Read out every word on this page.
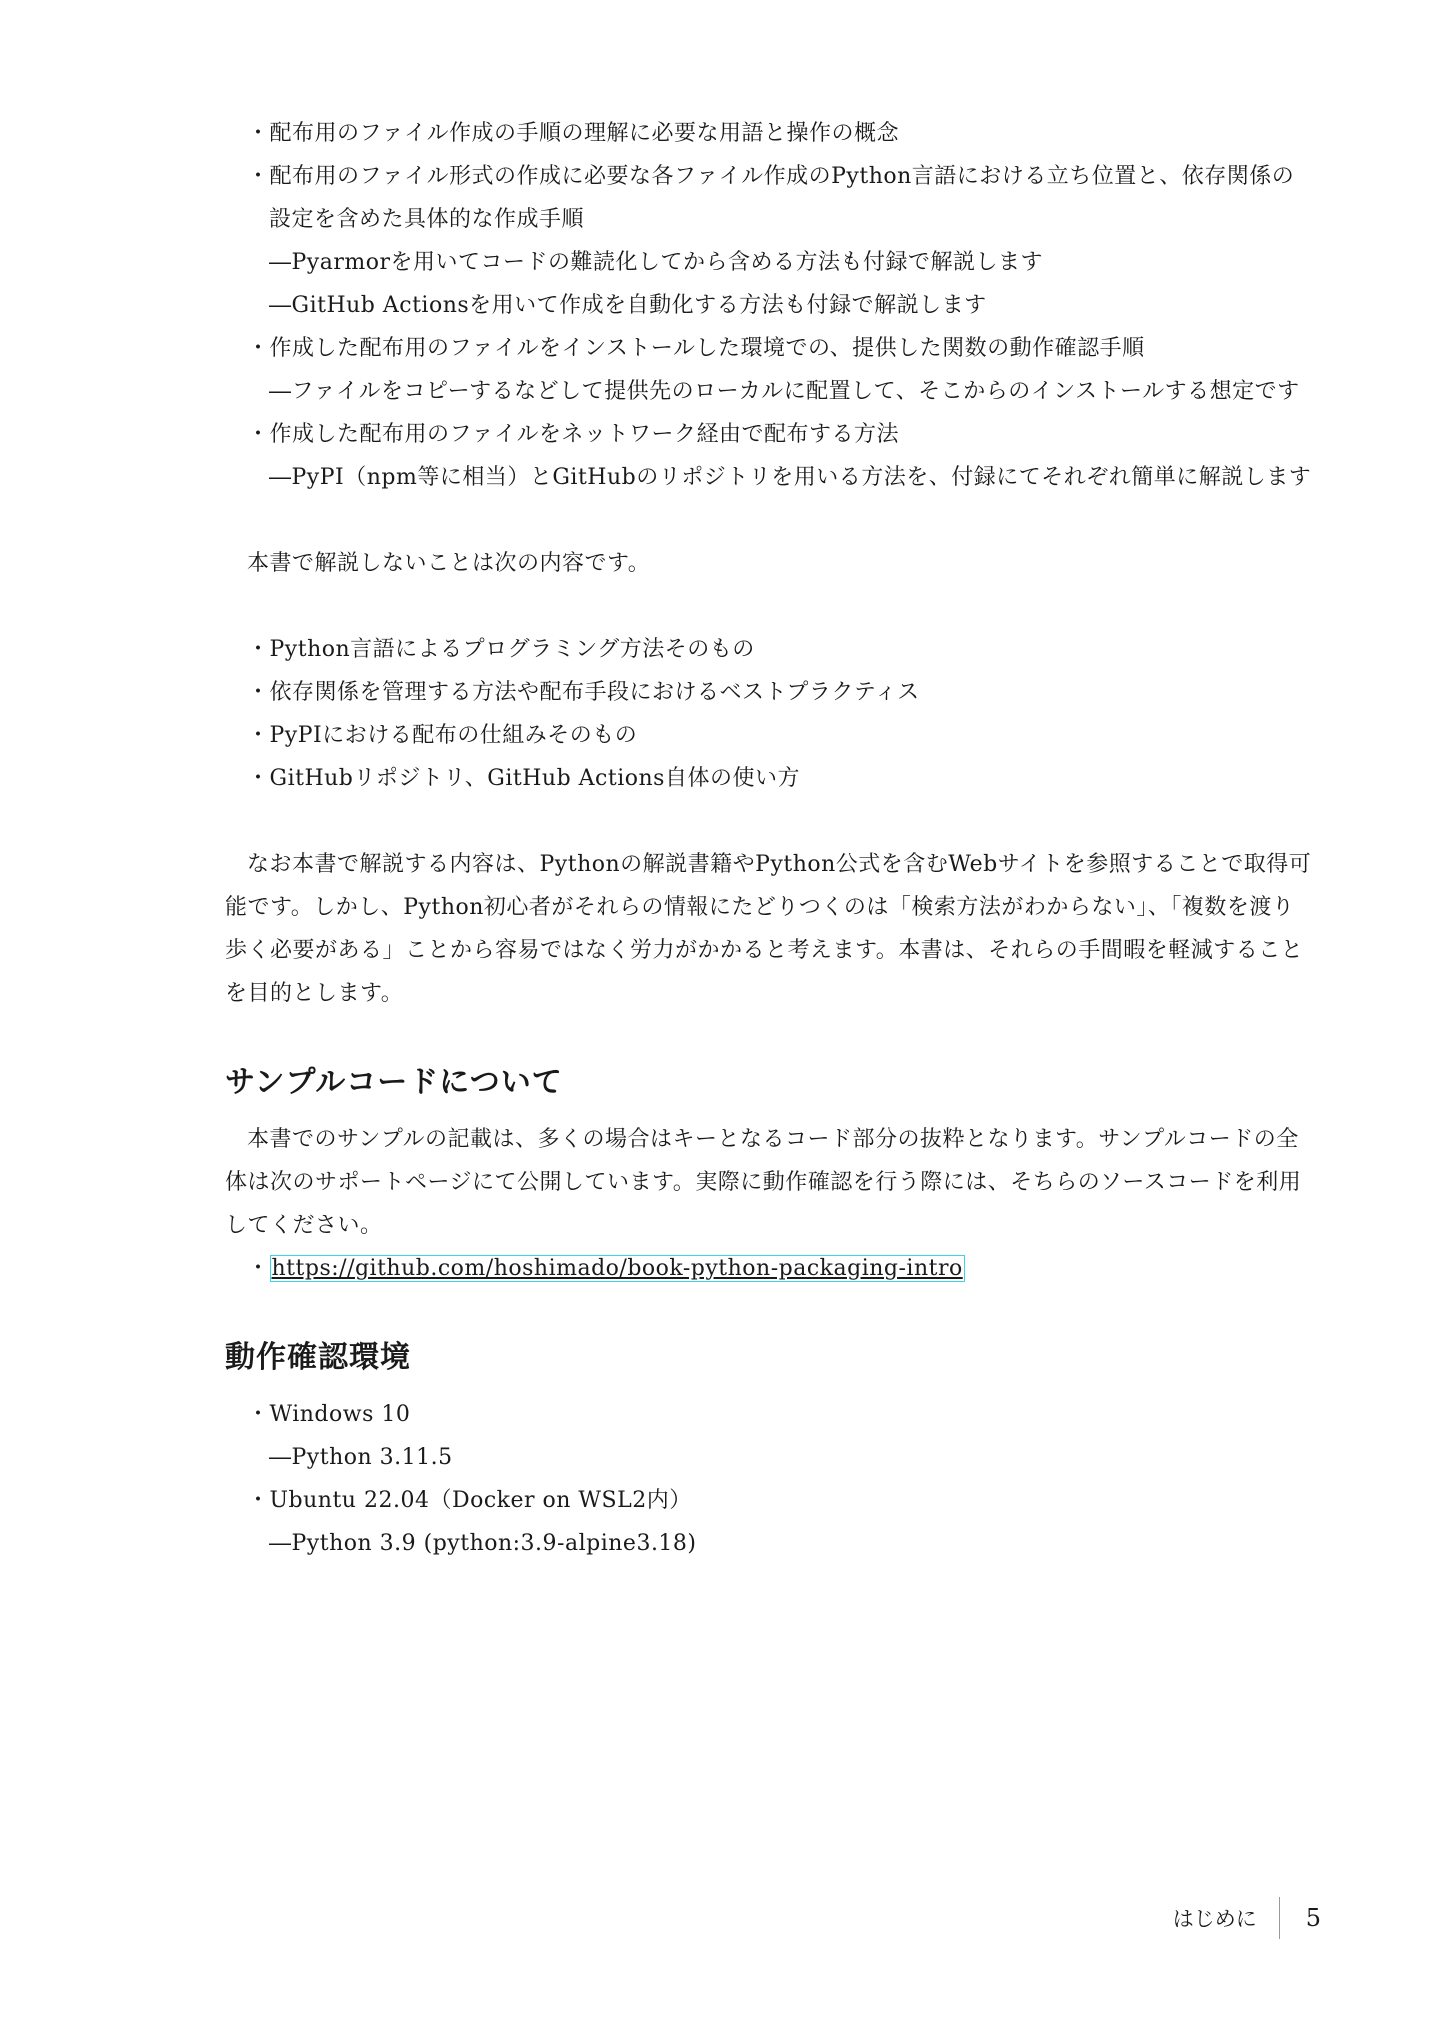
・配布用のファイル作成の手順の理解に必要な用語と操作の概念
・配布用のファイル形式の作成に必要な各ファイル作成のPython言語における立ち位置と、依存関係の設定を含めた具体的な作成手順
―Pyarmorを用いてコードの難読化してから含める方法も付録で解説します
―GitHub Actionsを用いて作成を自動化する方法も付録で解説します
・作成した配布用のファイルをインストールした環境での、提供した関数の動作確認手順
―ファイルをコピーするなどして提供先のローカルに配置して、そこからのインストールする想定です
・作成した配布用のファイルをネットワーク経由で配布する方法
―PyPI（npm等に相当）とGitHubのリポジトリを用いる方法を、付録にてそれぞれ簡単に解説します

本書で解説しないことは次の内容です。

・Python言語によるプログラミング方法そのもの
・依存関係を管理する方法や配布手段におけるベストプラクティス
・PyPIにおける配布の仕組みそのもの
・GitHubリポジトリ、GitHub Actions自体の使い方

なお本書で解説する内容は、Pythonの解説書籍やPython公式を含むWebサイトを参照することで取得可能です。しかし、Python初心者がそれらの情報にたどりつくのは「検索方法がわからない」、「複数を渡り歩く必要がある」ことから容易ではなく労力がかかると考えます。本書は、それらの手間暇を軽減することを目的とします。

サンプルコードについて

本書でのサンプルの記載は、多くの場合はキーとなるコード部分の抜粋となります。サンプルコードの全体は次のサポートページにて公開しています。実際に動作確認を行う際には、そちらのソースコードを利用してください。

・https://github.com/hoshimado/book-python-packaging-intro
動作確認環境
・Windows 10
―Python 3.11.5
・Ubuntu 22.04（Docker on WSL2内）
―Python 3.9 (python:3.9-alpine3.18)
はじめに 5
